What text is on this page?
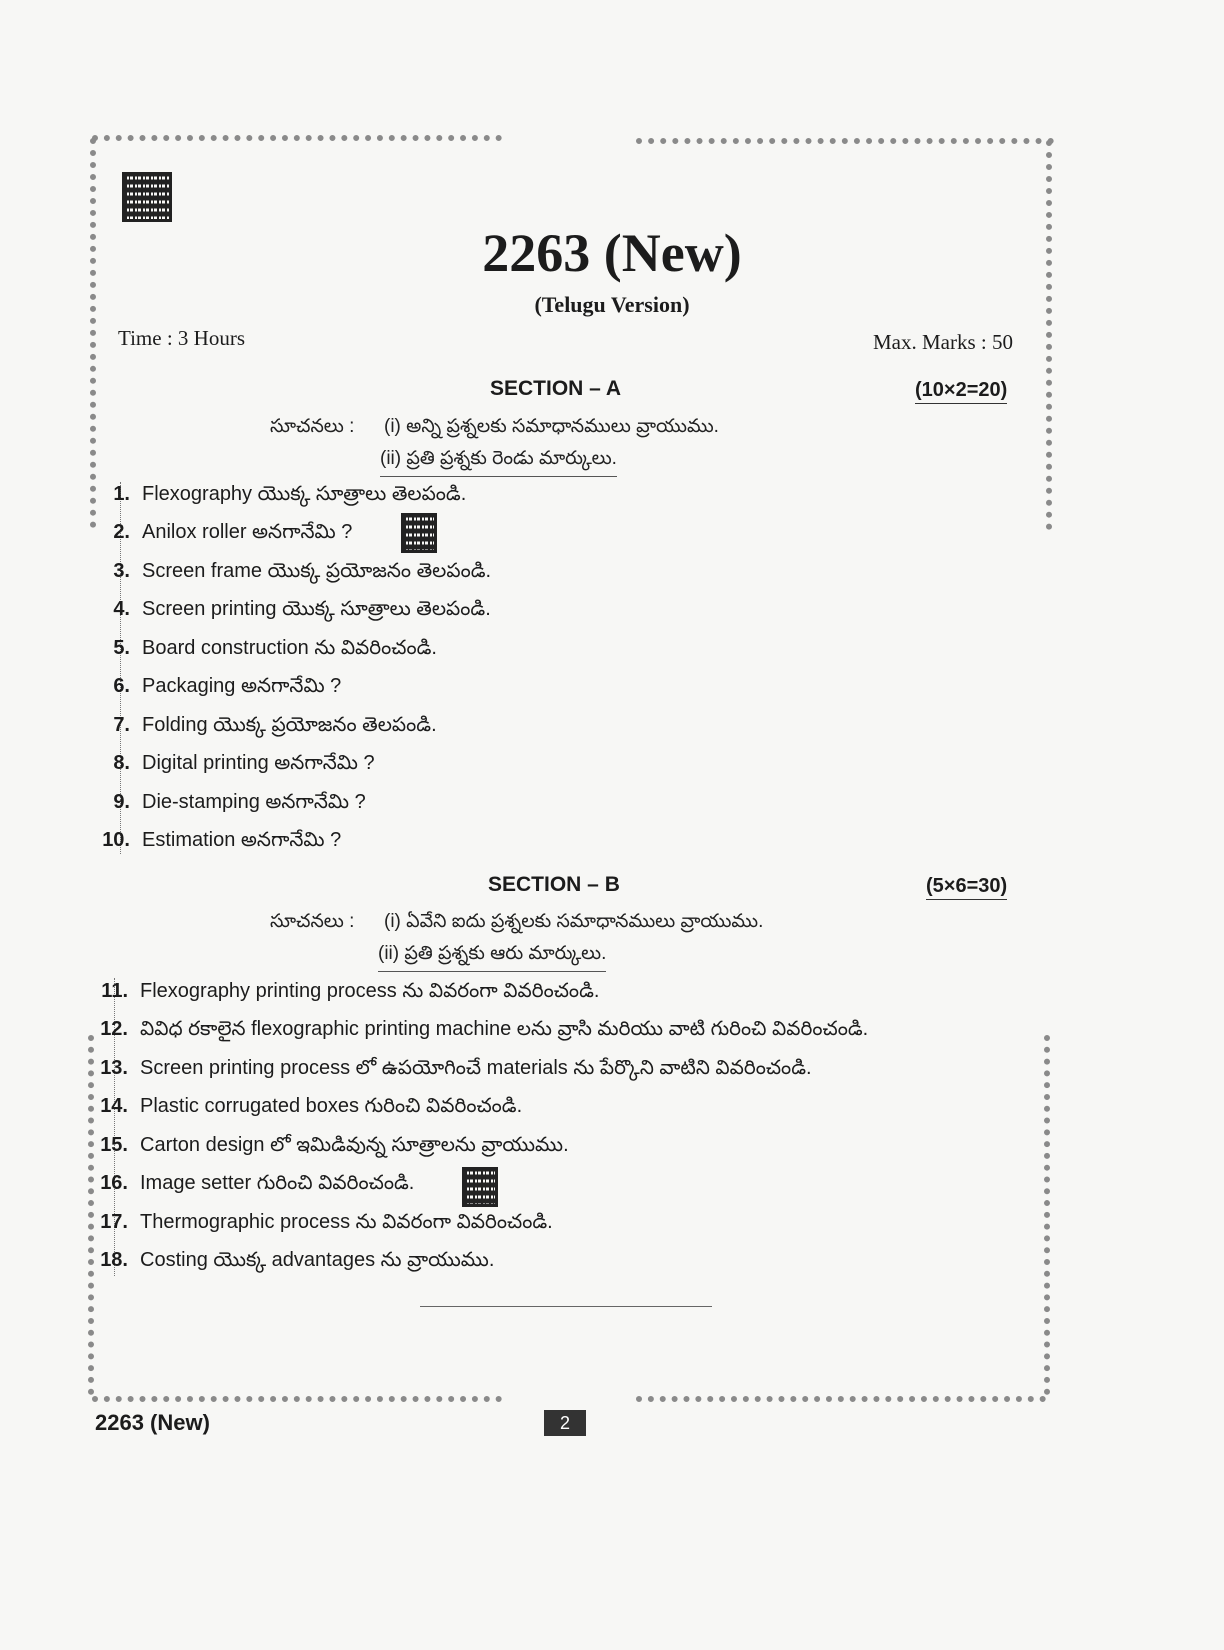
2263 (New)
(Telugu Version)
Time : 3 Hours	Max. Marks : 50
SECTION – A	(10×2=20)
సూచనలు : (i) అన్ని ప్రశ్నలకు సమాధానములు వ్రాయుము.
(ii) ప్రతి ప్రశ్నకు రెండు మార్కులు.
1. Flexography యొక్క సూత్రాలు తెలపండి.
2. Anilox roller అనగానేమి ?
3. Screen frame యొక్క ప్రయోజనం తెలపండి.
4. Screen printing యొక్క సూత్రాలు తెలపండి.
5. Board construction ను వివరించండి.
6. Packaging అనగానేమి ?
7. Folding యొక్క ప్రయోజనం తెలపండి.
8. Digital printing అనగానేమి ?
9. Die-stamping అనగానేమి ?
10. Estimation అనగానేమి ?
SECTION – B	(5×6=30)
సూచనలు : (i) ఏవేని ఐదు ప్రశ్నలకు సమాధానములు వ్రాయుము.
(ii) ప్రతి ప్రశ్నకు ఆరు మార్కులు.
11. Flexography printing process ను వివరంగా వివరించండి.
12. వివిధ రకాలైన flexographic printing machine లను వ్రాసి మరియు వాటి గురించి వివరించండి.
13. Screen printing process లో ఉపయోగించే materials ను పేర్కొని వాటిని వివరించండి.
14. Plastic corrugated boxes గురించి వివరించండి.
15. Carton design లో ఇమిడివున్న సూత్రాలను వ్రాయుము.
16. Image setter గురించి వివరించండి.
17. Thermographic process ను వివరంగా వివరించండి.
18. Costing యొక్క advantages ను వ్రాయుము.
2263 (New)	2
